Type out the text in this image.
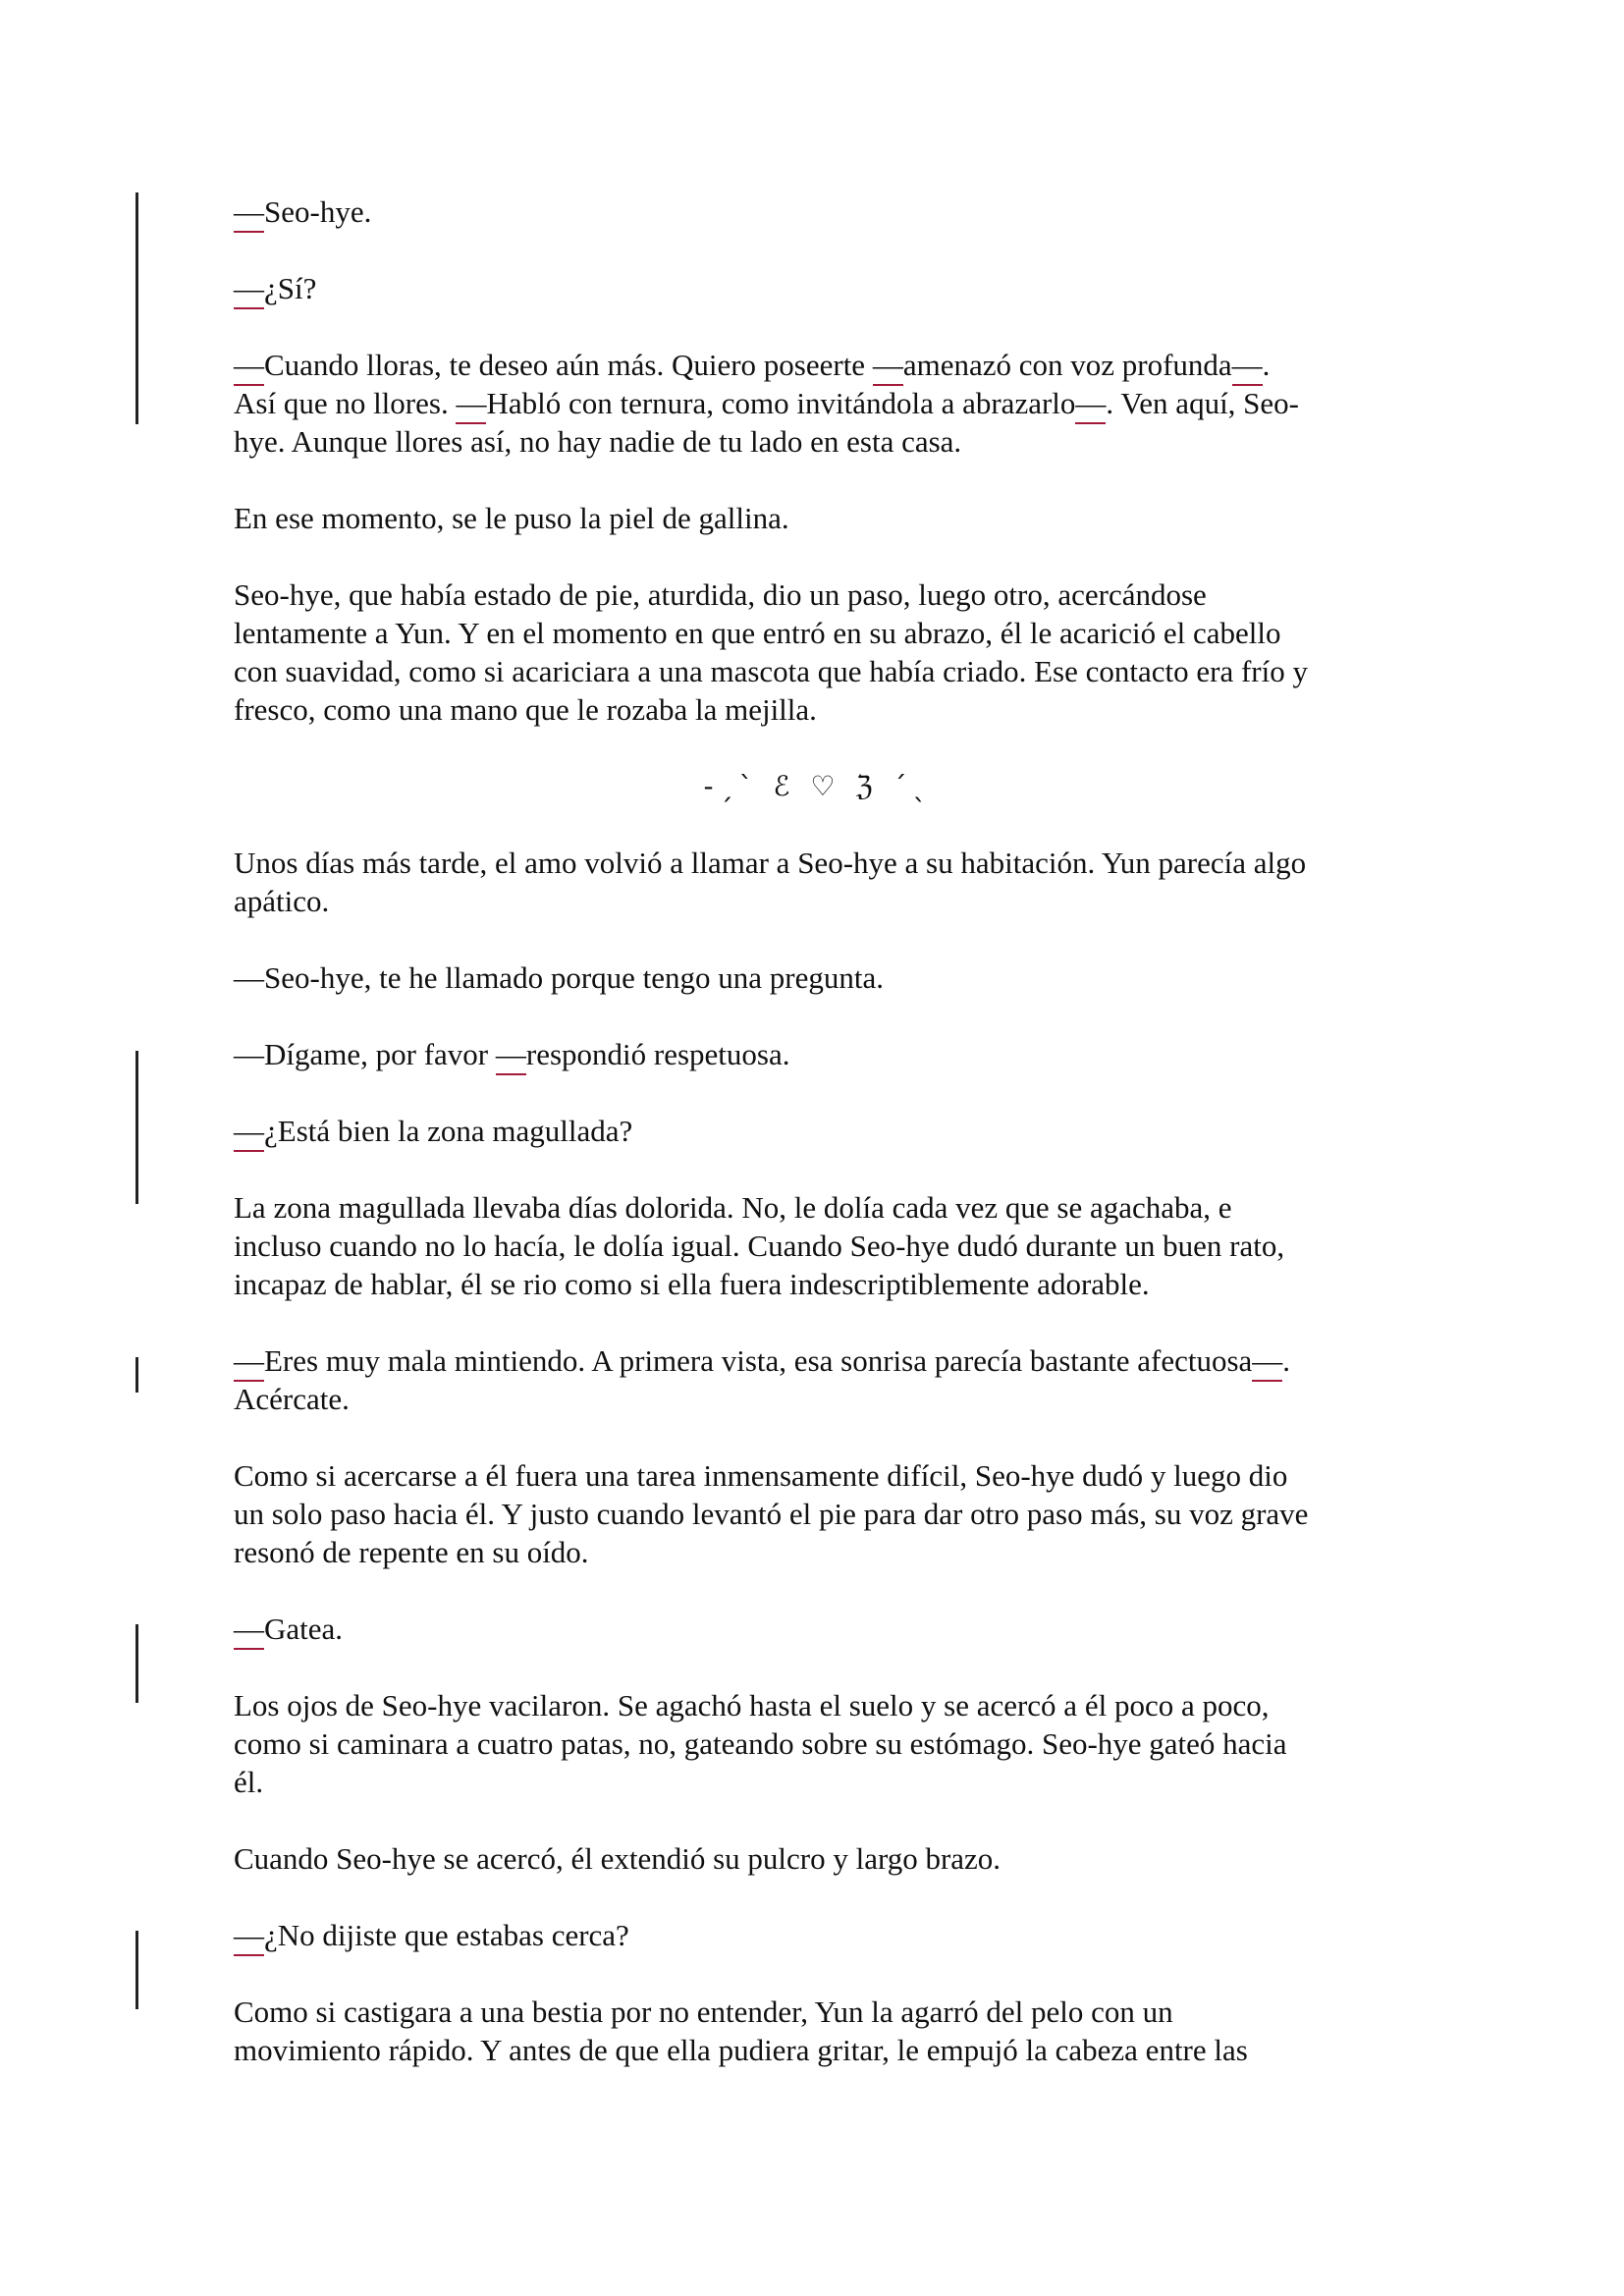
—Seo-hye.

—¿Sí?

—Cuando lloras, te deseo aún más. Quiero poseerte —amenazó con voz profunda—.
Así que no llores. —Habló con ternura, como invitándola a abrazarlo—. Ven aquí, Seo-
hye. Aunque llores así, no hay nadie de tu lado en esta casa.

En ese momento, se le puso la piel de gallina.

Seo-hye, que había estado de pie, aturdida, dio un paso, luego otro, acercándose
lentamente a Yun. Y en el momento en que entró en su abrazo, él le acarició el cabello
con suavidad, como si acariciara a una mascota que había criado. Ese contacto era frío y
fresco, como una mano que le rozaba la mejilla.

-ˏˋ ℰ ♡ ℨ ˊˎ

Unos días más tarde, el amo volvió a llamar a Seo-hye a su habitación. Yun parecía algo
apático.

—Seo-hye, te he llamado porque tengo una pregunta.

—Dígame, por favor —respondió respetuosa.

—¿Está bien la zona magullada?

La zona magullada llevaba días dolorida. No, le dolía cada vez que se agachaba, e
incluso cuando no lo hacía, le dolía igual. Cuando Seo-hye dudó durante un buen rato,
incapaz de hablar, él se rio como si ella fuera indescriptiblemente adorable.

—Eres muy mala mintiendo. A primera vista, esa sonrisa parecía bastante afectuosa—.
Acércate.

Como si acercarse a él fuera una tarea inmensamente difícil, Seo-hye dudó y luego dio
un solo paso hacia él. Y justo cuando levantó el pie para dar otro paso más, su voz grave
resonó de repente en su oído.

—Gatea.

Los ojos de Seo-hye vacilaron. Se agachó hasta el suelo y se acercó a él poco a poco,
como si caminara a cuatro patas, no, gateando sobre su estómago. Seo-hye gateó hacia
él.

Cuando Seo-hye se acercó, él extendió su pulcro y largo brazo.

—¿No dijiste que estabas cerca?

Como si castigara a una bestia por no entender, Yun la agarró del pelo con un
movimiento rápido. Y antes de que ella pudiera gritar, le empujó la cabeza entre las
